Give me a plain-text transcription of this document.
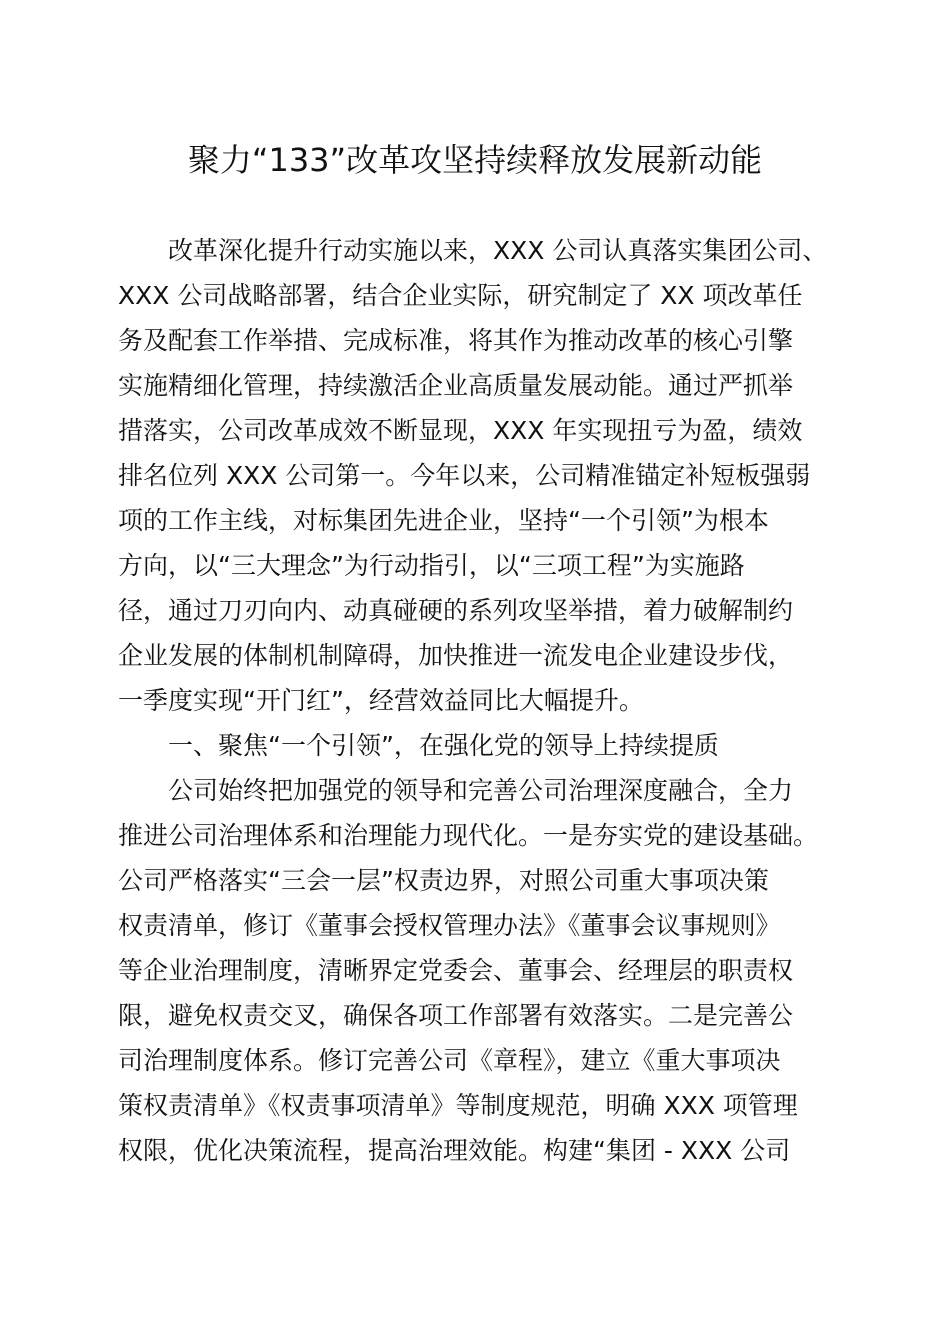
聚力“133”改革攻坚持续释放发展新动能

改革深化提升行动实施以来，XXX 公司认真落实集团公司、

XXX 公司战略部署，结合企业实际，研究制定了 XX 项改革任

务及配套工作举措、完成标准，将其作为推动改革的核心引擎

实施精细化管理，持续激活企业高质量发展动能。通过严抓举

措落实，公司改革成效不断显现，XXX 年实现扭亏为盈，绩效

排名位列 XXX 公司第一。今年以来，公司精准锚定补短板强弱

项的工作主线，对标集团先进企业，坚持“一个引领”为根本

方向，以“三大理念”为行动指引，以“三项工程”为实施路

径，通过刀刃向内、动真碰硬的系列攻坚举措，着力破解制约

企业发展的体制机制障碍，加快推进一流发电企业建设步伐，

一季度实现“开门红”，经营效益同比大幅提升。

一、聚焦“一个引领”，在强化党的领导上持续提质

公司始终把加强党的领导和完善公司治理深度融合，全力

推进公司治理体系和治理能力现代化。一是夯实党的建设基础。

公司严格落实“三会一层”权责边界，对照公司重大事项决策

权责清单，修订《董事会授权管理办法》《董事会议事规则》

等企业治理制度，清晰界定党委会、董事会、经理层的职责权

限，避免权责交叉，确保各项工作部署有效落实。二是完善公

司治理制度体系。修订完善公司《章程》，建立《重大事项决

策权责清单》《权责事项清单》等制度规范，明确 XXX 项管理

权限，优化决策流程，提高治理效能。构建“集团 - XXX 公司
